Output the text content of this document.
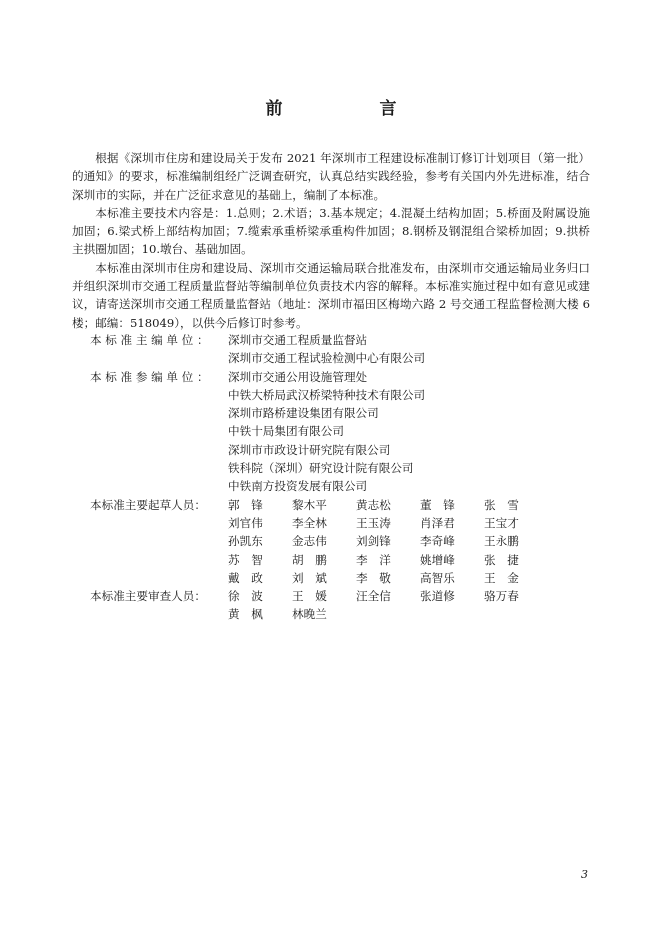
前　言

根据《深圳市住房和建设局关于发布 2021 年深圳市工程建设标准制订修订计划项目（第一批）的通知》的要求，标准编制组经广泛调查研究，认真总结实践经验，参考有关国内外先进标准，结合深圳市的实际，并在广泛征求意见的基础上，编制了本标准。

本标准主要技术内容是：1.总则；2.术语；3.基本规定；4.混凝土结构加固；5.桥面及附属设施加固；6.梁式桥上部结构加固；7.缆索承重桥梁承重构件加固；8.钢桥及钢混组合梁桥加固；9.拱桥主拱圈加固；10.墩台、基础加固。

本标准由深圳市住房和建设局、深圳市交通运输局联合批准发布，由深圳市交通运输局业务归口并组织深圳市交通工程质量监督站等编制单位负责技术内容的解释。本标准实施过程中如有意见或建议，请寄送深圳市交通工程质量监督站（地址：深圳市福田区梅坳六路 2 号交通工程监督检测大楼 6 楼；邮编：518049），以供今后修订时参考。

本 标 准 主 编 单 位 ：	深圳市交通工程质量监督站
深圳市交通工程试验检测中心有限公司
本 标 准 参 编 单 位 ：	深圳市交通公用设施管理处
中铁大桥局武汉桥梁特种技术有限公司
深圳市路桥建设集团有限公司
中铁十局集团有限公司
深圳市市政设计研究院有限公司
铁科院（深圳）研究设计院有限公司
中铁南方投资发展有限公司
本标准主要起草人员：	郭　锋	黎木平	黄志松	董　锋	张　雪
刘官伟	李全林	王玉涛	肖泽君	王宝才
孙凯东	金志伟	刘剑锋	李奇峰	王永鹏
苏　智	胡　鹏	李　洋	姚增峰	张　捷
戴　政	刘　斌	李　敬	高智乐	王　金
本标准主要审查人员：	徐　波	王　媛	汪全信	张道修	骆万春
黄　枫	林晚兰
3
